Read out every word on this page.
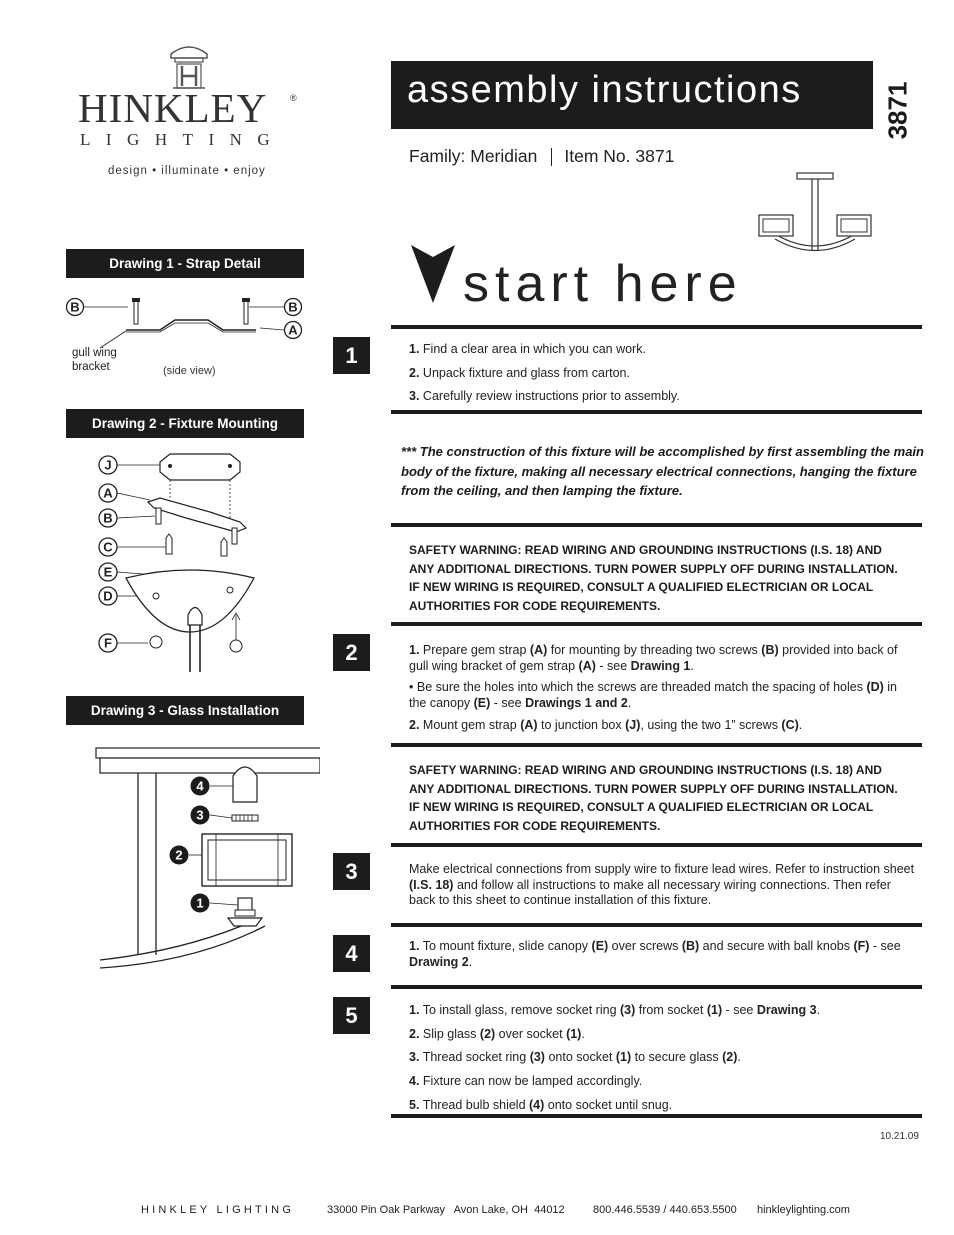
HINKLEY	®
LIGHTING
design • illuminate • enjoy
assembly instructions	3871
Family: Meridian Item No. 3871
start here
Drawing 1 - Strap Detail
B	B
A
(side view)
gull wing bracket
Drawing 2 - Fixture Mounting
J
A
B
C
E
D
F
Drawing 3 - Glass Installation
4
3
2
1
1	1. Find a clear area in which you can work.

2. Unpack fixture and glass from carton.

3. Carefully review instructions prior to assembly.

*** The construction of this fixture will be accomplished by first assembling the main body of the fixture, making all necessary electrical connections, hanging the fixture from the ceiling, and then lamping the fixture.
SAFETY WARNING: READ WIRING AND GROUNDING INSTRUCTIONS (I.S. 18) AND ANY ADDITIONAL DIRECTIONS. TURN POWER SUPPLY OFF DURING INSTALLATION. IF NEW WIRING IS REQUIRED, CONSULT A QUALIFIED ELECTRICIAN OR LOCAL AUTHORITIES FOR CODE REQUIREMENTS.
2	1. Prepare gem strap (A) for mounting by threading two screws (B) provided into back of gull wing bracket of gem strap (A) - see Drawing 1.

• Be sure the holes into which the screws are threaded match the spacing of holes (D) in the canopy (E) - see Drawings 1 and 2.

2. Mount gem strap (A) to junction box (J), using the two 1” screws (C).

SAFETY WARNING: READ WIRING AND GROUNDING INSTRUCTIONS (I.S. 18) AND ANY ADDITIONAL DIRECTIONS. TURN POWER SUPPLY OFF DURING INSTALLATION. IF NEW WIRING IS REQUIRED, CONSULT A QUALIFIED ELECTRICIAN OR LOCAL AUTHORITIES FOR CODE REQUIREMENTS.
3	Make electrical connections from supply wire to fixture lead wires. Refer to instruction sheet (I.S. 18) and follow all instructions to make all necessary wiring connections. Then refer back to this sheet to continue installation of this fixture.

4	1. To mount fixture, slide canopy (E) over screws (B) and secure with ball knobs (F) - see Drawing 2.

5	1. To install glass, remove socket ring (3) from socket (1) - see Drawing 3.

2. Slip glass (2) over socket (1).

3. Thread socket ring (3) onto socket (1) to secure glass (2).

4. Fixture can now be lamped accordingly.

5. Thread bulb shield (4) onto socket until snug.

10.21.09
HINKLEY LIGHTING	33000 Pin Oak Parkway   Avon Lake, OH  44012	800.446.5539 / 440.653.5500 hinkleylighting.com
